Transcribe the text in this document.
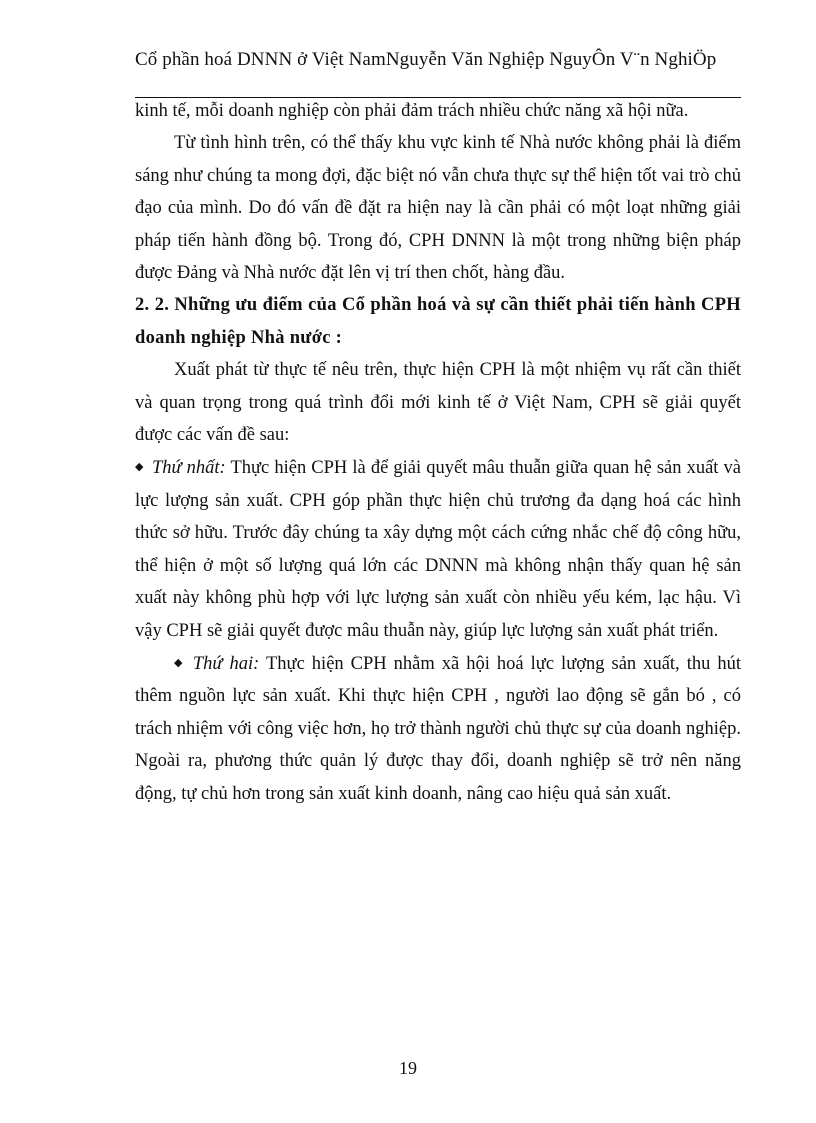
Cổ phần hoá DNNN ở Việt NamNguyễn Văn Nghiệp NguyÔn V¨n NghiÖp

kinh tế, mỗi doanh nghiệp còn phải đảm trách nhiều chức năng xã hội nữa.

Từ tình hình trên, có thể thấy khu vực kinh tế Nhà nước không phải là điểm sáng như chúng ta mong đợi, đặc biệt nó vẫn chưa thực sự thể hiện tốt vai trò chủ đạo của mình. Do đó vấn đề đặt ra hiện nay là cần phải có một loạt những giải pháp tiến hành đồng bộ. Trong đó, CPH DNNN là một trong những biện pháp được Đảng và Nhà nước đặt lên vị trí then chốt, hàng đầu.

2. 2. Những ưu điểm của Cổ phần hoá và sự cần thiết phải tiến hành CPH doanh nghiệp Nhà nước :

Xuất phát từ thực tế nêu trên, thực hiện CPH là một nhiệm vụ rất cần thiết và quan trọng trong quá trình đổi mới kinh tế ở Việt Nam, CPH sẽ giải quyết được các vấn đề sau:

◆ Thứ nhất: Thực hiện CPH là để giải quyết mâu thuẫn giữa quan hệ sản xuất và lực lượng sản xuất. CPH góp phần thực hiện chủ trương đa dạng hoá các hình thức sở hữu. Trước đây chúng ta xây dựng một cách cứng nhắc chế độ công hữu, thể hiện ở một số lượng quá lớn các DNNN mà không nhận thấy quan hệ sản xuất này không phù hợp với lực lượng sản xuất còn nhiều yếu kém, lạc hậu. Vì vậy CPH sẽ giải quyết được mâu thuẫn này, giúp lực lượng sản xuất phát triển.

◆ Thứ hai: Thực hiện CPH nhằm xã hội hoá lực lượng sản xuất, thu hút thêm nguồn lực sản xuất. Khi thực hiện CPH , người lao động sẽ gắn bó , có trách nhiệm với công việc hơn, họ trở thành người chủ thực sự của doanh nghiệp. Ngoài ra, phương thức quản lý được thay đổi, doanh nghiệp sẽ trở nên năng động, tự chủ hơn trong sản xuất kinh doanh, nâng cao hiệu quả sản xuất.

19
